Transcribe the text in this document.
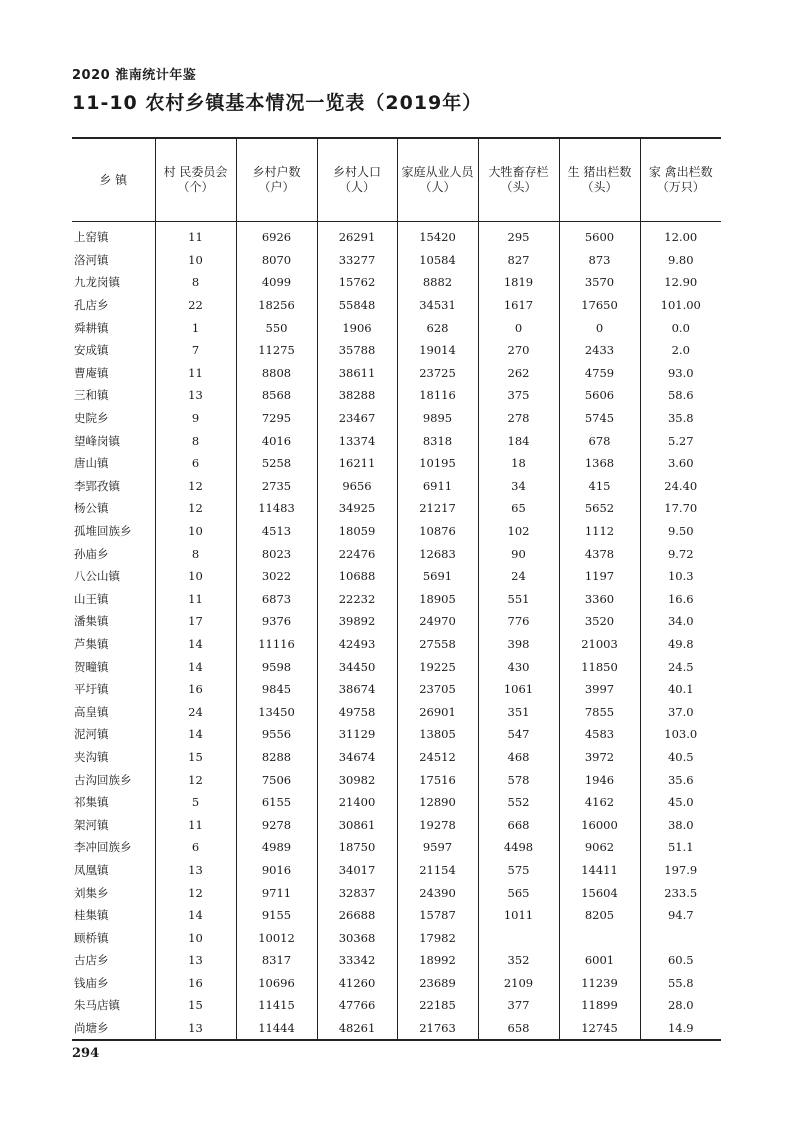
2020 淮南统计年鉴
11-10 农村乡镇基本情况一览表（2019年）
乡 镇	村 民委员会（个）	乡村户数（户）	乡村人口（人）	家庭从业人员（人）	大牲畜存栏（头）	生 猪出栏数（头）	家 禽出栏数（万只）
上窑镇	11	6926	26291	15420	295	5600	12.00
洛河镇	10	8070	33277	10584	827	873	9.80
九龙岗镇	8	4099	15762	8882	1819	3570	12.90
孔店乡	22	18256	55848	34531	1617	17650	101.00
舜耕镇	1	550	1906	628	0	0	0.0
安成镇	7	11275	35788	19014	270	2433	2.0
曹庵镇	11	8808	38611	23725	262	4759	93.0
三和镇	13	8568	38288	18116	375	5606	58.6
史院乡	9	7295	23467	9895	278	5745	35.8
望峰岗镇	8	4016	13374	8318	184	678	5.27
唐山镇	6	5258	16211	10195	18	1368	3.60
李郢孜镇	12	2735	9656	6911	34	415	24.40
杨公镇	12	11483	34925	21217	65	5652	17.70
孤堆回族乡	10	4513	18059	10876	102	1112	9.50
孙庙乡	8	8023	22476	12683	90	4378	9.72
八公山镇	10	3022	10688	5691	24	1197	10.3
山王镇	11	6873	22232	18905	551	3360	16.6
潘集镇	17	9376	39892	24970	776	3520	34.0
芦集镇	14	11116	42493	27558	398	21003	49.8
贺疃镇	14	9598	34450	19225	430	11850	24.5
平圩镇	16	9845	38674	23705	1061	3997	40.1
高皇镇	24	13450	49758	26901	351	7855	37.0
泥河镇	14	9556	31129	13805	547	4583	103.0
夹沟镇	15	8288	34674	24512	468	3972	40.5
古沟回族乡	12	7506	30982	17516	578	1946	35.6
祁集镇	5	6155	21400	12890	552	4162	45.0
架河镇	11	9278	30861	19278	668	16000	38.0
李冲回族乡	6	4989	18750	9597	4498	9062	51.1
凤凰镇	13	9016	34017	21154	575	14411	197.9
刘集乡	12	9711	32837	24390	565	15604	233.5
桂集镇	14	9155	26688	15787	1011	8205	94.7
顾桥镇	10	10012	30368	17982			
古店乡	13	8317	33342	18992	352	6001	60.5
钱庙乡	16	10696	41260	23689	2109	11239	55.8
朱马店镇	15	11415	47766	22185	377	11899	28.0
尚塘乡	13	11444	48261	21763	658	12745	14.9
294
